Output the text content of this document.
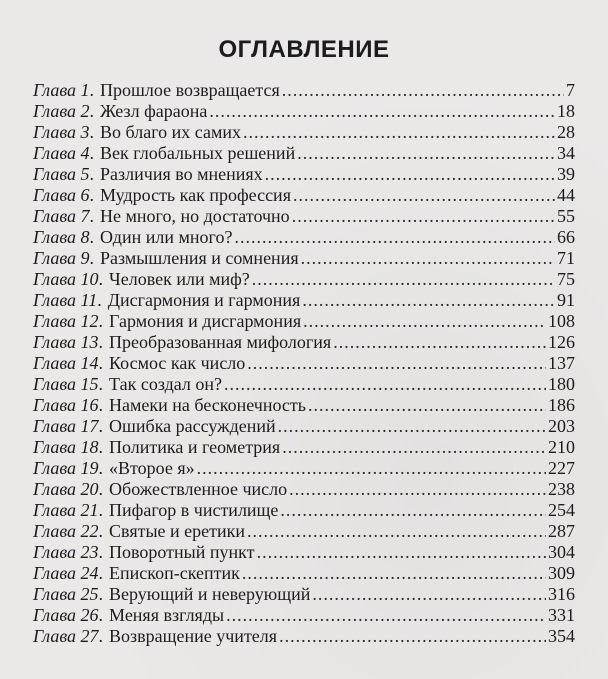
ОГЛАВЛЕНИЕ
Глава 1. Прошлое возвращается .....	7
Глава 2. Жезл фараона .....	18
Глава 3. Во благо их самих .....	28
Глава 4. Век глобальных решений .....	34
Глава 5. Различия во мнениях .....	39
Глава 6. Мудрость как профессия .....	44
Глава 7. Не много, но достаточно .....	55
Глава 8. Один или много? .....	66
Глава 9. Размышления и сомнения .....	71
Глава 10. Человек или миф? .....	75
Глава 11. Дисгармония и гармония .....	91
Глава 12. Гармония и дисгармония .....	108
Глава 13. Преобразованная мифология .....	126
Глава 14. Космос как число .....	137
Глава 15. Так создал он? .....	180
Глава 16. Намеки на бесконечность .....	186
Глава 17. Ошибка рассуждений .....	203
Глава 18. Политика и геометрия .....	210
Глава 19. «Второе я» .....	227
Глава 20. Обожествленное число .....	238
Глава 21. Пифагор в чистилище .....	254
Глава 22. Святые и еретики .....	287
Глава 23. Поворотный пункт .....	304
Глава 24. Епископ-скептик .....	309
Глава 25. Верующий и неверующий .....	316
Глава 26. Меняя взгляды .....	331
Глава 27. Возвращение учителя .....	354
